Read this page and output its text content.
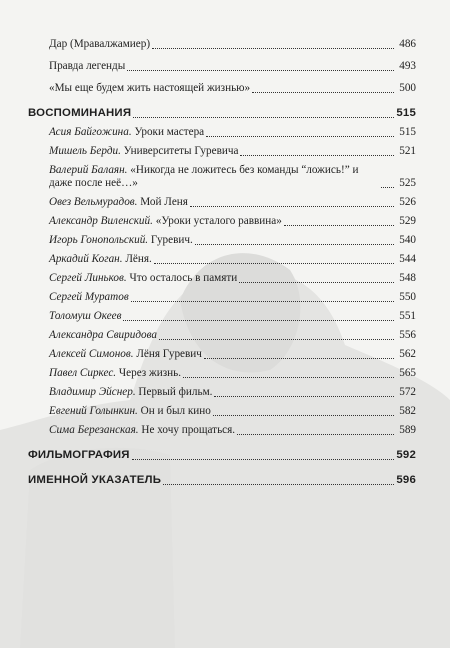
Дар (Мравалжамиер)	486
Правда легенды	493
«Мы еще будем жить настоящей жизнью»	500
ВОСПОМИНАНИЯ	515
Асия Байгожина. Уроки мастера	515
Мишель Берди. Университеты Гуревича	521
Валерий Балаян. «Никогда не ложитесь без команды “ложись!” и даже после неё…»	525
Овез Вельмурадов. Мой Леня	526
Александр Виленский. «Уроки усталого раввина»	529
Игорь Гонопольский. Гуревич.	540
Аркадий Коган. Лёня.	544
Сергей Линьков. Что осталось в памяти	548
Сергей Муратов	550
Толомуш Океев	551
Александра Свиридова	556
Алексей Симонов. Лёня Гуревич	562
Павел Сиркес. Через жизнь.	565
Владимир Эйснер. Первый фильм.	572
Евгений Голынкин. Он и был кино	582
Сима Березанская. Не хочу прощаться.	589
ФИЛЬМОГРАФИЯ	592
ИМЕННОЙ УКАЗАТЕЛЬ	596
